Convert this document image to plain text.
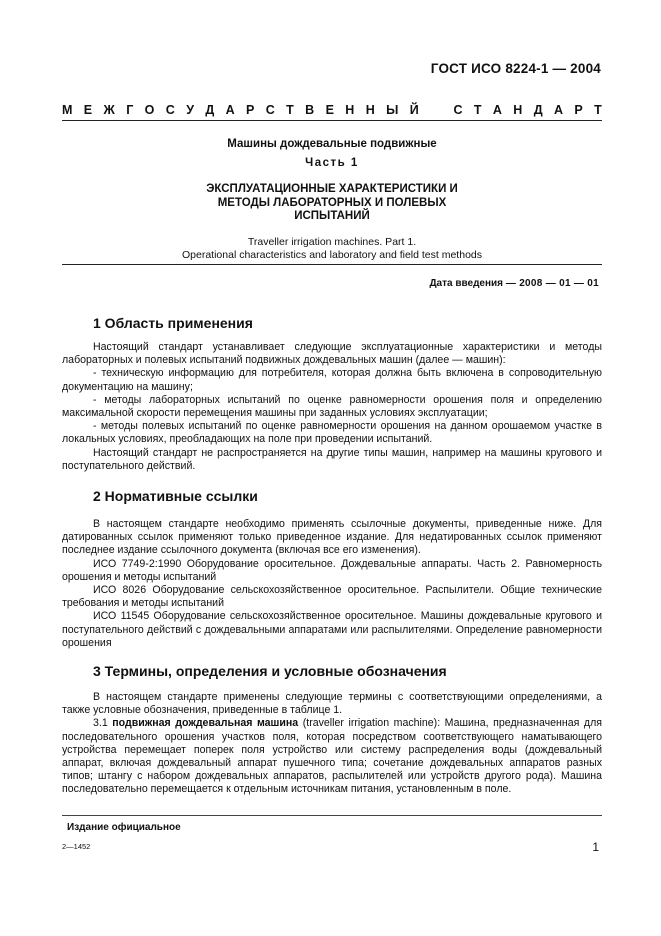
ГОСТ ИСО 8224-1 — 2004
М Е Ж Г О С У Д А Р С Т В Е Н Н Ы Й	С Т А Н Д А Р Т
Машины дождевальные подвижные
Часть 1
ЭКСПЛУАТАЦИОННЫЕ ХАРАКТЕРИСТИКИ И
МЕТОДЫ ЛАБОРАТОРНЫХ И ПОЛЕВЫХ
ИСПЫТАНИЙ
Traveller irrigation machines. Part 1.
Operational characteristics and laboratory and field test methods
Дата введения — 2008 — 01 — 01
1 Область применения

Настоящий стандарт устанавливает следующие эксплуатационные характеристики и методы лабораторных и полевых испытаний подвижных дождевальных машин (далее — машин):

- техническую информацию для потребителя, которая должна быть включена в сопроводительную документацию на машину;

- методы лабораторных испытаний по оценке равномерности орошения поля и определению максимальной скорости перемещения машины при заданных условиях эксплуатации;

- методы полевых испытаний по оценке равномерности орошения на данном орошаемом участке в локальных условиях, преобладающих на поле при проведении испытаний.

Настоящий стандарт не распространяется на другие типы машин, например на машины кругового и поступательного действий.

2 Нормативные ссылки

В настоящем стандарте необходимо применять ссылочные документы, приведенные ниже. Для датированных ссылок применяют только приведенное издание. Для недатированных ссылок применяют последнее издание ссылочного документа (включая все его изменения).

ИСО 7749-2:1990 Оборудование оросительное. Дождевальные аппараты. Часть 2. Равномерность орошения и методы испытаний

ИСО 8026 Оборудование сельскохозяйственное оросительное. Распылители. Общие технические требования и методы испытаний

ИСО 11545 Оборудование сельскохозяйственное оросительное. Машины дождевальные кругового и поступательного действий с дождевальными аппаратами или распылителями. Определение равномерности орошения

3 Термины, определения и условные обозначения

В настоящем стандарте применены следующие термины с соответствующими определениями, а также условные обозначения, приведенные в таблице 1.

3.1 подвижная дождевальная машина (traveller irrigation machine): Машина, предназначенная для последовательного орошения участков поля, которая посредством соответствующего наматывающего устройства перемещает поперек поля устройство или систему распределения воды (дождевальный аппарат, включая дождевальный аппарат пушечного типа; сочетание дождевальных аппаратов разных типов; штангу с набором дождевальных аппаратов, распылителей или устройств другого рода). Машина последовательно перемещается к отдельным источникам питания, установленным в поле.

Издание официальное
2—1452	1
